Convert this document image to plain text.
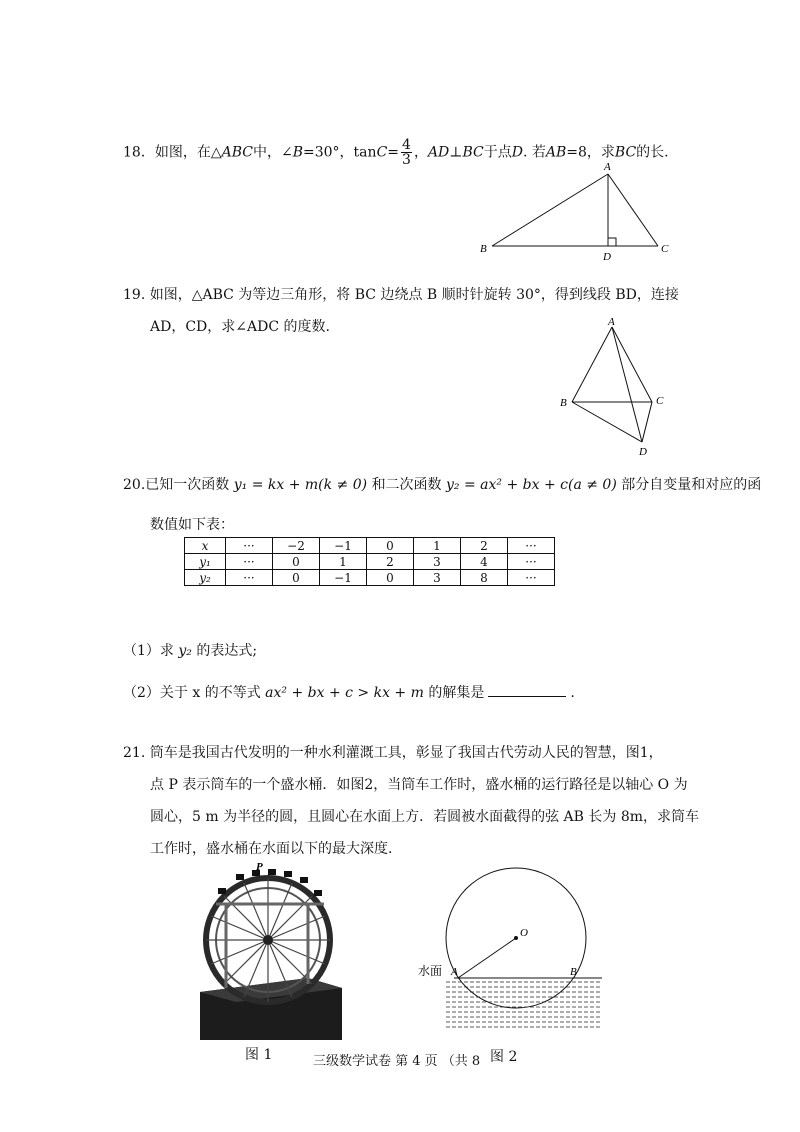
18．如图，在△ABC中，∠B=30°，$\tan C= \frac{4}{3}$ ，AD⊥BC于点D. 若AB=8，求BC的长.
A
B	C
D
19. 如图，△ABC 为等边三角形，将 BC 边绕点 B 顺时针旋转 30°，得到线段 BD，连接
AD，CD，求∠ADC 的度数.	A
B	C
D
20.已知一次函数 y₁ = kx + m(k ≠ 0) 和二次函数 y₂ = ax² + bx + c(a ≠ 0) 部分自变量和对应的函
数值如下表：
x	···	−2	−1	0	1	2	···
y₁	···	0	1	2	3	4	···
y₂	···	0	−1	0	3	8	···
（1）求 y₂ 的表达式;
（2）关于 x 的不等式 ax² + bx + c > kx + m 的解集是	.
21. 筒车是我国古代发明的一种水利灌溉工具，彰显了我国古代劳动人民的智慧，图1，
点 P 表示筒车的一个盛水桶．如图2，当筒车工作时，盛水桶的运行路径是以轴心 O 为
圆心，5 m 为半径的圆，且圆心在水面上方．若圆被水面截得的弦 AB 长为 8m，求筒车
工作时，盛水桶在水面以下的最大深度.
P
图 1
O
A	B
水面
三级数学试卷 第 4 页 （共 8 图 2
